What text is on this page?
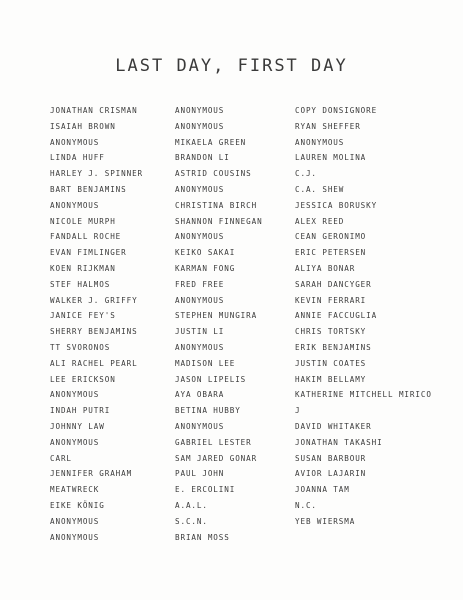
LAST DAY, FIRST DAY
JONATHAN CRISMAN
ISAIAH BROWN
ANONYMOUS
LINDA HUFF
HARLEY J. SPINNER
BART BENJAMINS
ANONYMOUS
NICOLE MURPH
FANDALL ROCHE
EVAN FIMLINGER
KOEN RIJKMAN
STEF HALMOS
WALKER J. GRIFFY
JANICE FEY'S
SHERRY BENJAMINS
TT SVORONOS
ALI RACHEL PEARL
LEE ERICKSON
ANONYMOUS
INDAH PUTRI
JOHNNY LAW
ANONYMOUS
CARL
JENNIFER GRAHAM
MEATWRECK
EIKE KÖNIG
ANONYMOUS
ANONYMOUS
ANONYMOUS
ANONYMOUS
MIKAELA GREEN
BRANDON LI
ASTRID COUSINS
ANONYMOUS
CHRISTINA BIRCH
SHANNON FINNEGAN
ANONYMOUS
KEIKO SAKAI
KARMAN FONG
FRED FREE
ANONYMOUS
STEPHEN MUNGIRA
JUSTIN LI
ANONYMOUS
MADISON LEE
JASON LIPELIS
AYA OBARA
BETINA HUBBY
ANONYMOUS
GABRIEL LESTER
SAM JARED GONAR
PAUL JOHN
E. ERCOLINI
A.A.L.
S.C.N.
BRIAN MOSS
COPY DONSIGNORE
RYAN SHEFFER
ANONYMOUS
LAUREN MOLINA
C.J.
C.A. SHEW
JESSICA BORUSKY
ALEX REED
CEAN GERONIMO
ERIC PETERSEN
ALIYA BONAR
SARAH DANCYGER
KEVIN FERRARI
ANNIE FACCUGLIA
CHRIS TORTSKY
ERIK BENJAMINS
JUSTIN COATES
HAKIM BELLAMY
KATHERINE MITCHELL MIRICO
J
DAVID WHITAKER
JONATHAN TAKASHI
SUSAN BARBOUR
AVIOR LAJARIN
JOANNA TAM
N.C.
YEB WIERSMA
